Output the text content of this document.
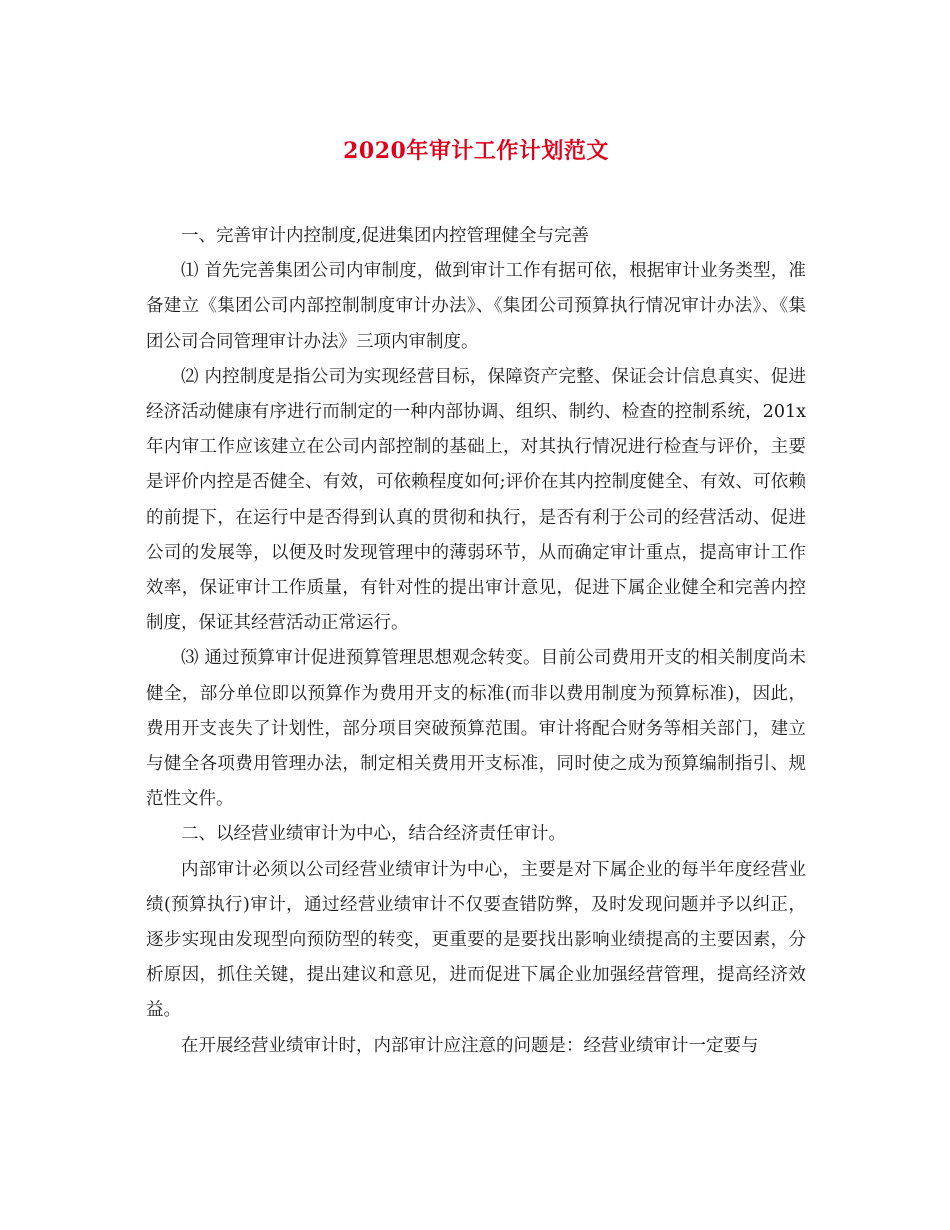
2020年审计工作计划范文

一、完善审计内控制度,促进集团内控管理健全与完善

⑴ 首先完善集团公司内审制度，做到审计工作有据可依，根据审计业务类型，准备建立《集团公司内部控制制度审计办法》、《集团公司预算执行情况审计办法》、《集团公司合同管理审计办法》三项内审制度。

⑵ 内控制度是指公司为实现经营目标，保障资产完整、保证会计信息真实、促进经济活动健康有序进行而制定的一种内部协调、组织、制约、检查的控制系统，201x年内审工作应该建立在公司内部控制的基础上，对其执行情况进行检查与评价，主要是评价内控是否健全、有效，可依赖程度如何;评价在其内控制度健全、有效、可依赖的前提下，在运行中是否得到认真的贯彻和执行，是否有利于公司的经营活动、促进公司的发展等，以便及时发现管理中的薄弱环节，从而确定审计重点，提高审计工作效率，保证审计工作质量，有针对性的提出审计意见，促进下属企业健全和完善内控制度，保证其经营活动正常运行。

⑶ 通过预算审计促进预算管理思想观念转变。目前公司费用开支的相关制度尚未健全，部分单位即以预算作为费用开支的标准(而非以费用制度为预算标准)，因此，费用开支丧失了计划性，部分项目突破预算范围。审计将配合财务等相关部门，建立与健全各项费用管理办法，制定相关费用开支标准，同时使之成为预算编制指引、规范性文件。

二、以经营业绩审计为中心，结合经济责任审计。

内部审计必须以公司经营业绩审计为中心，主要是对下属企业的每半年度经营业绩(预算执行)审计，通过经营业绩审计不仅要查错防弊，及时发现问题并予以纠正，逐步实现由发现型向预防型的转变，更重要的是要找出影响业绩提高的主要因素，分析原因，抓住关键，提出建议和意见，进而促进下属企业加强经营管理，提高经济效益。

在开展经营业绩审计时，内部审计应注意的问题是：经营业绩审计一定要与
